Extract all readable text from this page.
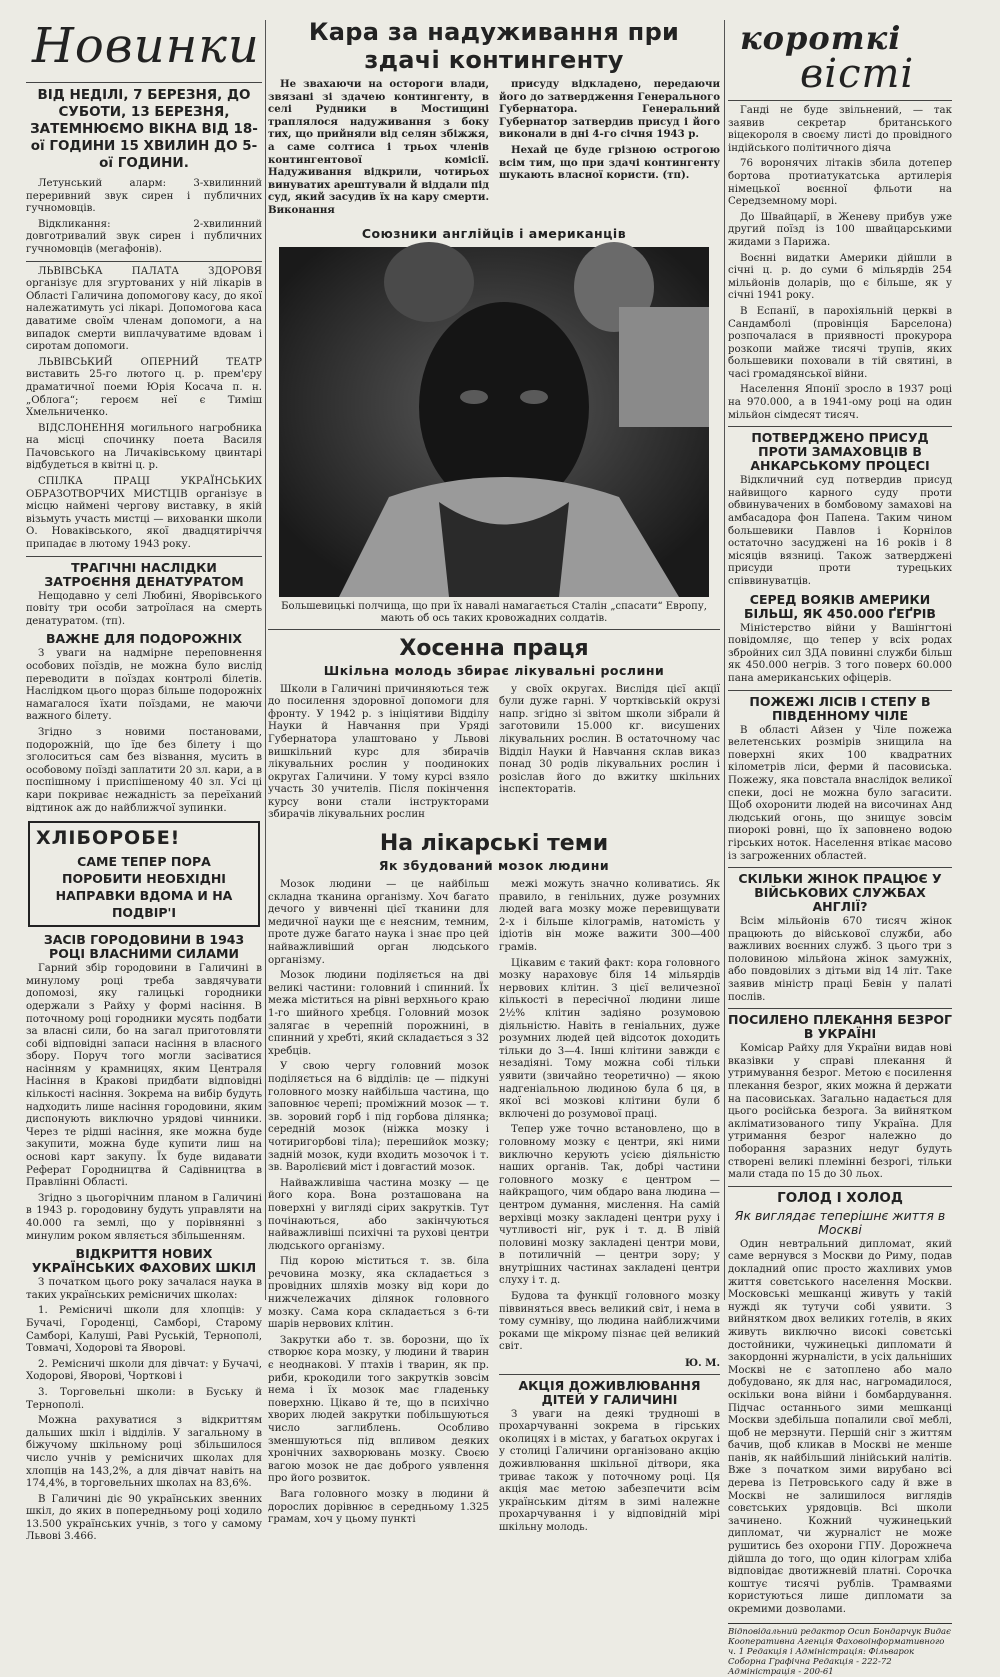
Новинки
ВІД НЕДІЛІ, 7 БЕРЕЗНЯ, ДО СУБОТИ, 13 БЕРЕЗНЯ, ЗАТЕМНЮЄМО ВІКНА ВІД 18-ої ГОДИНИ 15 ХВИЛИН ДО 5-ої ГОДИНИ.

Летунський аларм: 3-хвилинний переривний звук сирен і публичних гучномовців.

Відкликання: 2-хвилинний довготривалий звук сирен і публичних гучномовців (мегафонів).

ЛЬВІВСЬКА ПАЛАТА ЗДОРОВЯ організує для згуртованих у ній лікарів в Області Галичина допомогову касу, до якої належатимуть усі лікарі. Допомогова каса даватиме своїм членам допомоги, а на випадок смерти виплачуватиме вдовам і сиротам допомоги.

ЛЬВІВСЬКИЙ ОПЕРНИЙ ТЕАТР виставить 25-го лютого ц. р. прем'єру драматичної поеми Юрія Косача п. н. „Облога“; героєм неї є Тиміш Хмельниченко.

ВІДСЛОНЕННЯ могильного нагробника на місці спочинку поета Василя Пачовського на Личаківському цвинтарі відбудеться в квітні ц. р.

СПІЛКА ПРАЦІ УКРАЇНСЬКИХ ОБРАЗОТВОРЧИХ МИСТЦІВ організує в місцю наймені чергову виставку, в якій візьмуть участь мистці — вихованки школи О. Новаківського, якої двадцятиріччя припадає в лютому 1943 року.

ТРАГІЧНІ НАСЛІДКИ ЗАТРОЄННЯ ДЕНАТУРАТОМ

Нещодавно у селі Любині, Яворівського повіту три особи затроїлася на смерть денатуратом. (тп).

ВАЖНЕ ДЛЯ ПОДОРОЖНІХ

З уваги на надмірне переповнення особових поїздів, не можна було вислід переводити в поїздах контролі білетів. Наслідком цього щораз більше подорожніх намагалося їхати поїздами, не маючи важного білету.

Згідно з новими постановами, подорожній, що їде без білету і що зголоситься сам без візвання, мусить в особовому поїзді заплатити 20 зл. кари, а в поспішному і приспішеному 40 зл. Усі ці кари покриває нежадність за переїханий відтинок аж до найближчої зупинки.

ХЛІБОРОБЕ!
САМЕ ТЕПЕР ПОРА ПОРОБИТИ НЕОБХІДНІ НАПРАВКИ ВДОМА И НА ПОДВІР'І
ЗАСІВ ГОРОДОВИНИ В 1943 РОЦІ ВЛАСНИМИ СИЛАМИ

Гарний збір городовини в Галичині в минулому році треба завдячувати допомозі, яку галицькі городники одержали з Райху у формі насіння. В поточному році городники мусять подбати за власні сили, бо на загал приготовляти собі відповідні запаси насіння в власного збору. Поруч того могли засіватися насінням у крамницях, яким Централя Насіння в Кракові придбати відповідні кількості насіння. Зокрема на вибір будуть надходить лише насіння городовини, яким диспонують виключно урядові чинники. Через те рідші насіння, яке можна буде закупити, можна буде купити лиш на основі карт закупу. Їх буде видавати Реферат Городництва й Садівництва в Правлінні Області.

Згідно з цьогорічним планом в Галичині в 1943 р. городовину будуть управляти на 40.000 га землі, що у порівнянні з минулим роком являється збільшенням.

ВІДКРИТТЯ НОВИХ УКРАЇНСЬКИХ ФАХОВИХ ШКІЛ

З початком цього року зачалася наука в таких українських ремісничих школах:

1. Ремісничі школи для хлопців: у Бучачі, Городенці, Самборі, Старому Самборі, Калуші, Раві Руській, Тернополі, Товмачі, Ходорові та Яворові.

2. Ремісничі школи для дівчат: у Бучачі, Ходорові, Яворові, Чорткові і

3. Торговельні школи: в Буську й Тернополі.

Можна рахуватися з відкриттям дальших шкіл і відділів. У загальному в біжучому шкільному році збільшилося число учнів у ремісничих школах для хлопців на 143,2%, а для дівчат навіть на 174,4%, в торговельних школах на 83,6%.

В Галичині діє 90 українських звенних шкіл, до яких в попередньому році ходило 13.500 українських учнів, з того у самому Львові 3.466.

Кара за надуживання при здачі контингенту

Не звахаючи на остороги влади, звязані зі здачею контингенту, в селі Рудники в Мостищині траплялося надуживання з боку тих, що прийняли від селян збіжжя, а саме солтиса і трьох членів контингентової комісії. Надуживання відкрили, чотирьох винуватих арештували й віддали під суд, який засудив їх на кару смерти. Виконання

присуду відкладено, передаючи його до затвердження Генерального Губернатора. Генеральний Губернатор затвердив присуд і його виконали в дні 4-го січня 1943 р.

Нехай це буде грізною острогою всім тим, що при здачі контингенту шукають власної користи. (тп).

Союзники англійців і американців
Большевицькі полчища, що при їх навалі намагається Сталін „спасати“ Европу, мають об ось таких кровожадних солдатів.
Хосенна праця
Шкільна молодь збирає лікувальні рослини

Школи в Галичині причиняються теж до посилення здоровної допомоги для фронту. У 1942 р. з ініціятиви Відділу Науки й Навчання при Уряді Губернатора улаштовано у Львові вишкільний курс для збирачів лікувальних рослин у поодиноких округах Галичини. У тому курсі взяло участь 30 учителів. Після покінчення курсу вони стали інструкторами збирачів лікувальних рослин

у своїх округах. Вислідя цієї акції були дуже гарні. У чортківській окрузі напр. згідно зі звітом школи зібрали й заготовили 15.000 кг. висушених лікувальних рослин. В остаточному час Відділ Науки й Навчання склав виказ понад 30 родів лікувальних рослин і розіслав його до вжитку шкільних інспекторатів.

На лікарські теми
Як збудований мозок людини

Мозок людини — це найбільш складна тканина організму. Хоч багато дечого у вивченні цієї тканини для медичної науки ще є неясним, темним, проте дуже багато наука і знає про цей найважливіший орган людського організму.

Мозок людини поділяється на дві великі частини: головний і спинний. Їх межа міститься на рівні верхнього краю 1-го шийного хребця. Головний мозок залягає в черепній порожнині, в спинний у хребті, який складається з 32 хребців.

У свою чергу головний мозок поділяється на 6 відділів: це — підкуні головного мозку найбільша частина, що заповнює черепі; проміжний мозок — т. зв. зоровий горб і під горбова ділянка; середній мозок (ніжка мозку і чотиригорбові тіла); перешийок мозку; задній мозок, куди входить мозочок і т. зв. Варолієвий міст і довгастий мозок.

Найважливіша частина мозку — це його кора. Вона розташована на поверхні у вигляді сірих закрутків. Тут почінаються, або закінчуються найважливіші психічні та рухові центри людського організму.

Під корою міститься т. зв. біла речовина мозку, яка складається з провідних шляхів мозку від кори до нижчележачих ділянок головного мозку. Сама кора складається з 6-ти шарів нервових клітин.

Закрутки або т. зв. борозни, що їх створює кора мозку, у людини й тварин є неоднакові. У птахів і тварин, як пр. риби, крокодили того закрутків зовсім нема і їх мозок має гладеньку поверхню. Цікаво й те, що в психічно хворих людей закрутки побільшуються число заглиблень. Особливо зменшуються під впливом деяких хронічних захворювань мозку. Своєю вагою мозок не дає доброго уявлення про його розвиток.

Вага головного мозку в людини й дорослих дорівнює в середньому 1.325 грамам, хоч у цьому пункті

межі можуть значно коливатись. Як правило, в генільних, дуже розумних людей вага мозку може перевищувати 2-х і більше кілограмів, натомість у ідіотів він може важити 300—400 грамів.

Цікавим є такий факт: кора головного мозку нараховує біля 14 мільярдів нервових клітин. З цієї величезної кількості в пересічної людини лише 2½% клітин задіяно розумовою діяльністю. Навіть в геніальних, дуже розумних людей цей відсоток доходить тільки до 3—4. Інші клітини завжди є незадіяні. Тому можна собі тільки уявити (звичайно теоретично) — якою надгеніальною людиною була б ця, в якої всі мозкові клітини були б включені до розумової праці.

Тепер уже точно встановлено, що в головному мозку є центри, які ними виключно керують усією діяльністю наших органів. Так, добрі частини головного мозку є центром — найкращого, чим обдаро вана людина — центром думання, мислення. На самій верхівці мозку закладені центри руху і чутливості ніг, рук і т. д. В лівій половині мозку закладені центри мови, в потиличній — центри зору; у внутрішних частинах закладені центри слуху і т. д.

Будова та функції головного мозку піввиняться ввесь великий світ, і нема в тому сумніву, що людина найближчими роками ще мікрому пізнає цей великий світ.

Ю. М.
АКЦІЯ ДОЖИВЛЮВАННЯ ДІТЕЙ У ГАЛИЧИНІ

З уваги на деякі трудноші в прохарчуванні зокрема в гірських околицях і в містах, у багатьох округах і у столиці Галичини організовано акцію доживлювання шкільної дітвори, яка триває також у поточному році. Ця акція має метою забезпечити всім українським дітям в зимі належне прохарчування і у відповідній мірі шкільну молодь.

короткі
вісті

Ганді не буде звільнений, — так заявив секретар британського віцекороля в своєму листі до провідного індійського політичного діяча

76 воронячих літаків збила дотепер бортова протиатукатська артилерія німецької воєнної фльоти на Середземному морі.

До Швайцарії, в Женеву прибув уже другий поїзд із 100 швайцарськими жидами з Парижа.

Воєнні видатки Америки дійшли в січні ц. р. до суми 6 мільярдів 254 мільйонів доларів, що є більше, як у січні 1941 року.

В Еспанії, в парохіяльній церкві в Сандамболі (провінція Барселона) розпочалася в приявності прокурора розкопи майже тисячі трупів, яких большевики поховали в тій святині, в часі громадянської війни.

Населення Японії зросло в 1937 році на 970.000, а в 1941-ому році на один мільйон сімдесят тисяч.

ПОТВЕРДЖЕНО ПРИСУД ПРОТИ ЗАМАХОВЦІВ В АНКАРСЬКОМУ ПРОЦЕСІ

Відкличний суд потвердив присуд найвищого карного суду проти обвинувачених в бомбовому замахові на амбасадора фон Папена. Таким чином большевики Павлов і Корнілов остаточно засуджені на 16 років і 8 місяців вязниці. Також затверджені присуди проти турецьких співвинуватців.

СЕРЕД ВОЯКІВ АМЕРИКИ БІЛЬШ, ЯК 450.000 ҐЕҐРІВ

Міністерство війни у Вашінгтоні повідомляє, що тепер у всіх родах збройних сил ЗДА повинні служби більш як 450.000 негрів. З того поверх 60.000 пана американських офіцерів.

ПОЖЕЖІ ЛІСІВ І СТЕПУ В ПІВДЕННОМУ ЧІЛЕ

В області Айзен у Чіле пожежа велетенських розмірів знищила на поверхні яких 100 квадратних кілометрів ліси, ферми й пасовиська. Пожежу, яка повстала внаслідок великої спеки, досі не можна було загасити. Щоб охоронити людей на височинах Анд людський огонь, що знищує зовсім пиорокі ровні, що їх заповнено водою гірських ноток. Населення втікає масово із загроженних областей.

СКІЛЬКИ ЖІНОК ПРАЦЮЄ У ВІЙСЬКОВИХ СЛУЖБАХ АНГЛІЇ?

Всім мільйонів 670 тисяч жінок працюють до військової служби, або важливих воєнних служб. З цього три з половиною мільйона жінок замужніх, або повдовілих з дітьми від 14 літ. Таке заявив міністр праці Бевін у палаті послів.

ПОСИЛЕНО ПЛЕКАННЯ БЕЗРОГ В УКРАЇНІ

Комісар Райху для України видав нові вказівки у справі плекання й утримування безрог. Метою є посилення плекання безрог, яких можна й держати на пасовиськах. Загально надається для цього російська безрога. За вийнятком акліматизованого типу Україна. Для утримання безрог належно до поборання заразних недуг будуть створені великі племінні безрогі, тільки мали стада по 15 до 30 льох.

ГОЛОД І ХОЛОД
Як виглядає теперішнє життя в Москві

Один невтральний дипломат, який саме вернувся з Москви до Риму, подав докладний опис просто жахливих умов життя совєтського населення Москви. Московські мешканці живуть у такій нужді як тутучи собі уявити. З вийнятком двох великих готелів, в яких живуть виключно високі совєтські достойники, чужинецькі дипломати й закордонні журналісти, в усіх дальніших Москві не є затоплено або мало добудовано, як для нас, нагромадилося, оскільки вона війни і бомбардування. Підчас останнього зими мешканці Москви здебільша попалили свої меблі, щоб не мерзнути. Першій сніг з життям бачив, щоб кликав в Москві не менше панів, як найбільший лінійський налітів. Вже з початком зими вирубано всі дерева із Петровського саду й вже в Москві не залишилося виглядів совєтських урядовців. Всі школи зачинено. Кожний чужинецький дипломат, чи журналіст не може рушитись без охорони ГПУ. Дорожнеча дійшла до того, що один кілограм хліба відповідає двотижневій платні. Сорочка коштує тисячі рублів. Трамваями користуються лише дипломати за окремими дозволами.

Відповідальний редактор Осип Бондарчук Видає Кооперативна Агенція Фаховоінформативного ч. 1 Редакція і Адміністрація: Фільварок Соборна Графічна Редакція - 222-72 Адміністрація - 200-61
